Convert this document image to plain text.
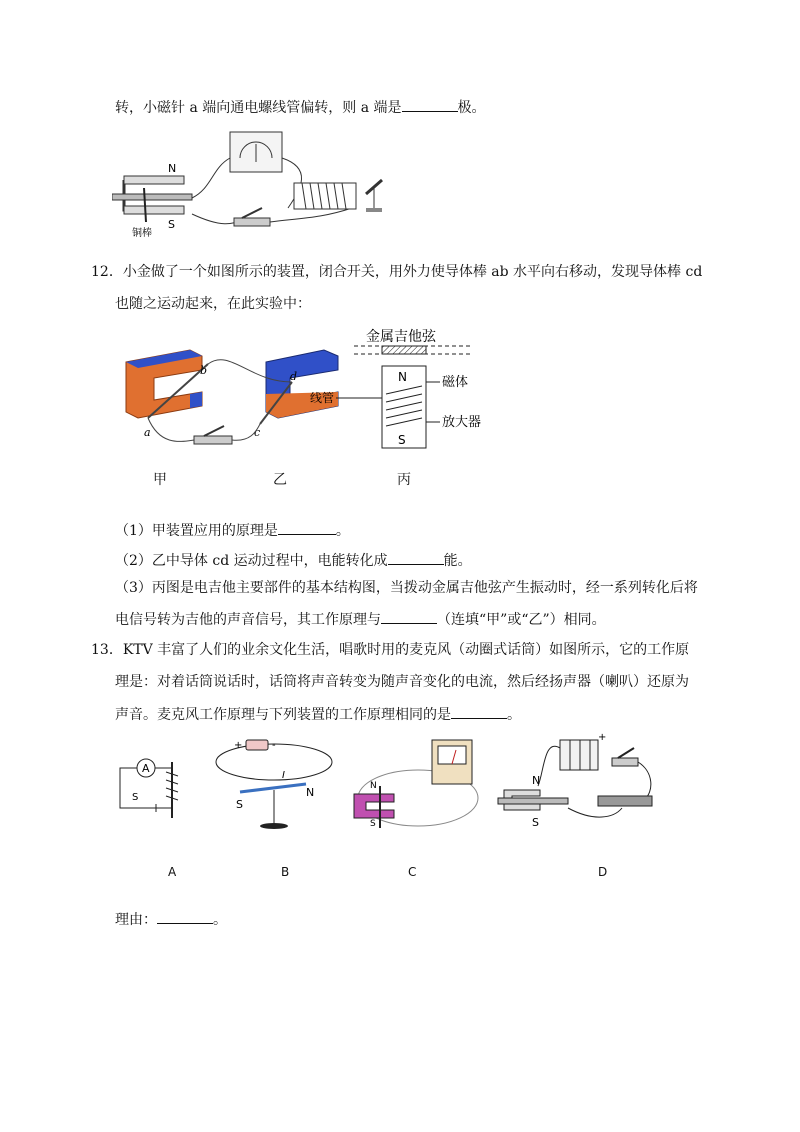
转，小磁针 a 端向通电螺线管偏转，则 a 端是	极。
N
S
铜棒
12．小金做了一个如图所示的装置，闭合开关，用外力使导体棒 ab 水平向右移动，发现导体棒 cd
也随之运动起来，在此实验中：
a
b
c
d
金属吉他弦
N
S
线管
磁体
放大器
甲	乙	丙
（1）甲装置应用的原理是	。
（2）乙中导体 cd 运动过程中，电能转化成	能。
（3）丙图是电吉他主要部件的基本结构图，当拨动金属吉他弦产生振动时，经一系列转化后将
电信号转为吉他的声音信号，其工作原理与	（连填“甲”或“乙”）相同。
13．KTV 丰富了人们的业余文化生活，唱歌时用的麦克风（动圈式话筒）如图所示，它的工作原
理是：对着话筒说话时，话筒将声音转变为随声音变化的电流，然后经扬声器（喇叭）还原为
声音。麦克风工作原理与下列装置的工作原理相同的是	。
A
S
+	-
I
S
N	N
S
+
N
S
A	B	C	D
理由：	。
